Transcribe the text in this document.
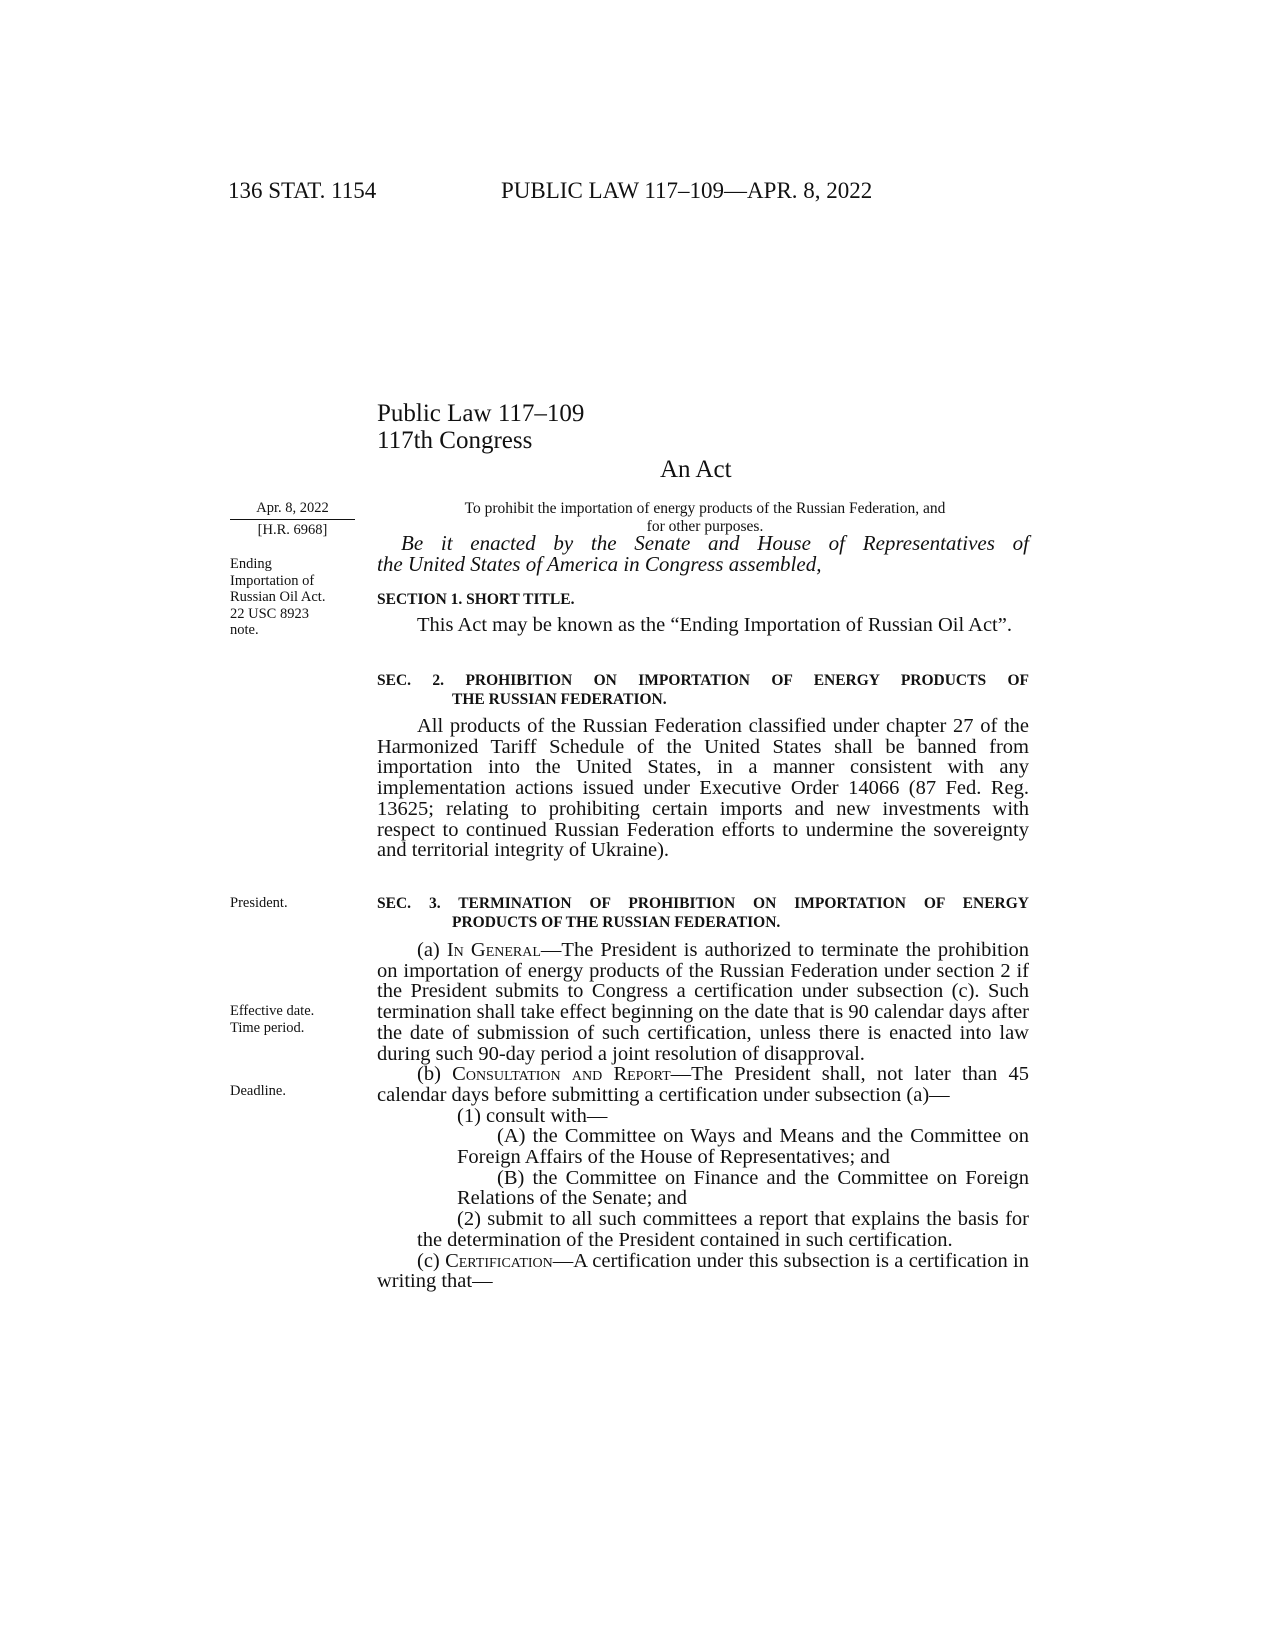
136 STAT. 1154	PUBLIC LAW 117–109—APR. 8, 2022
Public Law 117–109
117th Congress
An Act
Apr. 8, 2022
[H.R. 6968]
Ending
Importation of
Russian Oil Act.
22 USC 8923
note.
President.
Effective date.
Time period.
Deadline.
To prohibit the importation of energy products of the Russian Federation, and
for other purposes.
Be it enacted by the Senate and House of Representatives of
the United States of America in Congress assembled,
SECTION 1. SHORT TITLE.

This Act may be known as the “Ending Importation of Russian Oil Act”.

SEC. 2. PROHIBITION ON IMPORTATION OF ENERGY PRODUCTS OF
THE RUSSIAN FEDERATION.

All products of the Russian Federation classified under chapter 27 of the Harmonized Tariff Schedule of the United States shall be banned from importation into the United States, in a manner consistent with any implementation actions issued under Executive Order 14066 (87 Fed. Reg. 13625; relating to prohibiting certain imports and new investments with respect to continued Russian Federation efforts to undermine the sovereignty and territorial integrity of Ukraine).

SEC. 3. TERMINATION OF PROHIBITION ON IMPORTATION OF ENERGY
PRODUCTS OF THE RUSSIAN FEDERATION.

(a) In General—The President is authorized to terminate the prohibition on importation of energy products of the Russian Federation under section 2 if the President submits to Congress a certification under subsection (c). Such termination shall take effect beginning on the date that is 90 calendar days after the date of submission of such certification, unless there is enacted into law during such 90-day period a joint resolution of disapproval.

(b) Consultation and Report—The President shall, not later than 45 calendar days before submitting a certification under subsection (a)—

(1) consult with—

(A) the Committee on Ways and Means and the Committee on Foreign Affairs of the House of Representatives; and

(B) the Committee on Finance and the Committee on Foreign Relations of the Senate; and

(2) submit to all such committees a report that explains the basis for the determination of the President contained in such certification.

(c) Certification—A certification under this subsection is a certification in writing that—
